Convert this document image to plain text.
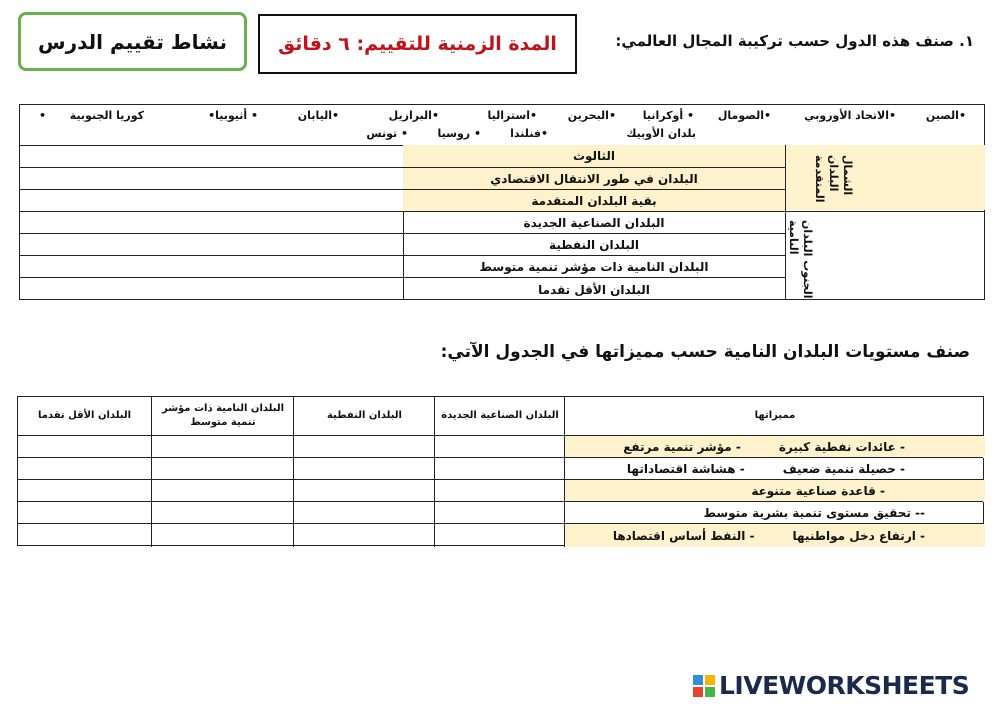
نشاط تقييم الدرس	المدة الزمنية للتقييم: ٦ دقائق	١. صنف هذه الدول حسب تركيبة المجال العالمي:
•الصين
•الاتحاد الأوروبي
•الصومال
• أوكرانيا
•البحرين
•استراليا
•البرازيل
•اليابان
• أثيوبيا•
كوريا الجنوبية
•
بلدان الأوبيك
•فنلندا
• روسيا
• تونس
الشمال البلدان المتقدمة
الجنوب البلدان النامية
الثالوث
البلدان في طور الانتقال الاقتصادي
بقية البلدان المتقدمة
البلدان الصناعية الجديدة
البلدان النفطية
البلدان النامية ذات مؤشر تنمية متوسط
البلدان الأقل تقدما
صنف مستويات البلدان النامية حسب مميزاتها في الجدول الآتي:
مميزاتها
البلدان الصناعية الجديدة
البلدان النفطية
البلدان النامية ذات مؤشر تنمية متوسط
البلدان الأقل تقدما
- عائدات نفطية كبيرة
- مؤشر تنمية مرتفع
- حصيلة تنمية ضعيف
- هشاشة اقتصاداتها
- قاعدة صناعية متنوعة
-- تحقيق مستوى تنمية بشرية متوسط
- ارتفاع دخل مواطنيها
- النفط أساس اقتصادها
LIVEWORKSHEETS
